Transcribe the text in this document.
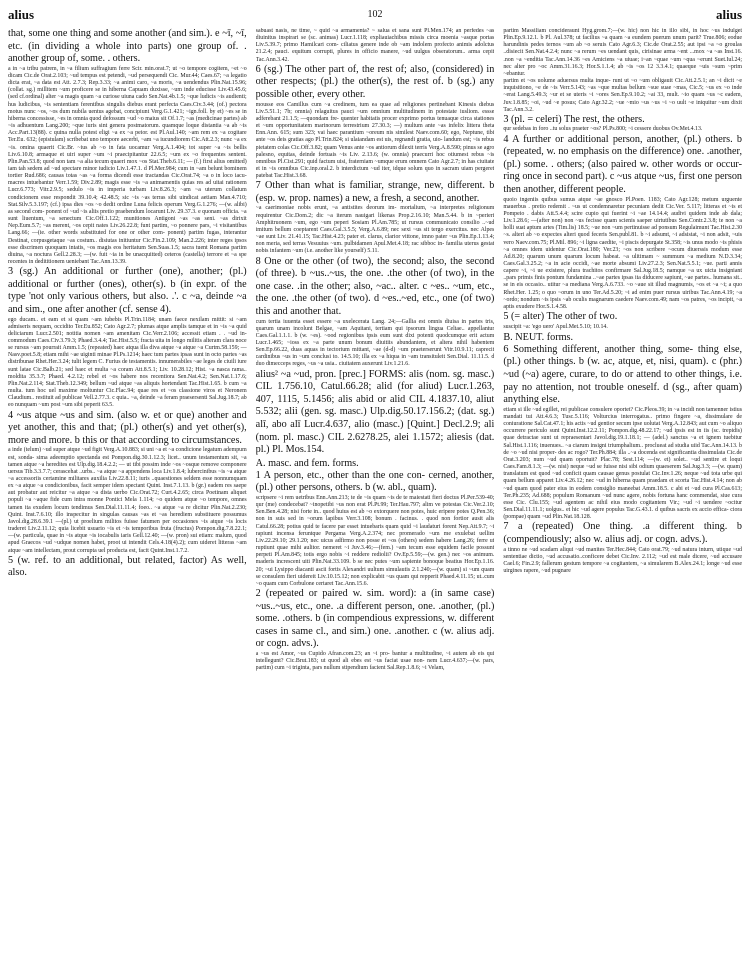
alius	102	alius

that, some one thing and some another (and sim.). e ~ī, ~ī, etc. (in dividing a whole into parts) one group of. . another group of, some. . others.

a in ~a tribu patrem, in ~a filium suffragium ferre Scir. min.orat.7; ut ~o tempore cogitem, ~et ~o dicam Cic.de Orat.2.103; ~ud tempus est petendi, ~ud persequendi Cic. Mur.44; Caes.67; ~a legatio dicta erat, ~a data est Att. 2.7.3; Rep.3.33; ~a animi caro, ~a moris, ~a uendendus Plin.Nat.15.96; (collat. sg.) millitem ~um proficere se in hiberna Capuam duxisse, ~um inde educisse Liv.43.45.6; (sed cf.ordinal) alter ~a magis quam ~a curiose uiuna cado Sen.Nat.4b.1.5; ~que ludicis ~is audienti; hus ludicibus, ~is sententiam ferentibus singulis diebus erant perfecta Caes.Civ.3.44; (of.) pectora motus nunc ~os, ~os dum nubila uentus agebat, concipiunt Verg.G.1.421; ~ign.foll. by et) ~es se in hiberna concessisse, ~es in omnia quod defossum ~ud ~o maius sit Of.1.7; ~as (medicinae partes) ab ~is adhuentum Lang.200; ~que iuris sint genera postmatorum. quamque loque distantia ~a ab ~is Acc.Part.13(88). c quina nulla potest eligi ~a ex ~a peior. est Pl.Aul.140; ~am rem ex ~a cogitare Ter.Eu. 632; (epistulam) scribebat uno tempore aecerbi, ~am ~a iucundiorem Cic.Att.2.3; nunc ~a ex ~is. omina quaerit Cic.Br. ~ius ab ~o in fata uocamur Verg.A.1.404; tot super ~a ~is bellis Liv.6.10.8; armaque et uiri super ~um ~i praecipitantur 22.6.5; ~um ex ~o frequentes sentent. Plin.Pan.53.8; quod non tam ~a alia tecum quaeri mox ~os Stat.Theb.6.11; — (f.) first alius omitted) iam tah sedem ad ~ud spectare minor iudicio Liv.1.47.1. d Pl.Mer.984; cum in ~am belunt bominem tortier Rud.686; causas totas ~as ~a forma dicendi esse tractandas Cic.Orat.74; ~a o in loco iacu- macres intuebantur Verr.1.59; Div.2.89; magis esse ~is ~a animamentis quias res ad uitai rationem Lucr.6.773; Vitr.2.9.5; sedulo ~is in imperia turbam Liv.8.26.3; ~am ~a uterum collatum condicionem esse respondit 39.10.4; 42.48.5; sic ~is ~as terras sibi uindicat aetiam Man.4.710; Stat.Silv.5.3.197; (cf.) ipsa dies ~os ~o dedit ordine Luna felicis operum Verg.G.1.276; —(w. alibi) as second com- ponent of ~ud ~is aliis pretio praebendum locarunt Liv. 29.37.3. e quonam officia. ~a sunt liuentum, ~a senectum Cic.Off.1.122; munitiones Antigoni ~as ~as seni. ~as dirixit Nep.Eum.5.7; ~as merent, ~os cepit nates Liv.26.22.8; funt partim, ~o ponnere pars, ~i visitantibus Lang.66; —(ie. other words substituted for one or other com- ponent) partim fugas, interantur Destinat, corpusgetaque ~as costum.. disiutas initiuntur Cic.Fin.2.109; Man.2.226; inter reges ipsos esse discrimen quoquam intatis, ~os magis eos heritatum Sen.Suas.1.5; sacra tuent Romana partim diuina, ~a noctura Gell.2.28.3; —(w. fuit ~ia in be unacquitted) ceteros (castella) terrore et ~a spe recentes in dedititionem ueniebant Tac.Ann.13.39.

3 (sg.) An additional or further (one), another; (pl.) additional or further (ones), other(s). b (in expr. of the type 'not only various others, but also. .'. c ~a, deinde ~a and sim., one after another (cf. sense 4).

ego ducam.. et eam et si quam ~am iubebis Pl.Trin.1184; unam faece nexilam mittit: si ~am admiseris nequam, occidito Ter.Eu.852; Cato Agr.2.7; plumas atque amplis tamque et in ~is ~a quid deliciarum Lucr.2.501; notitia nomen ~am amenitam Cic.Verr.2.106; accessit etiam . . ~ud in- commodum Caes.Civ.3.79.3; Phaed.3.4.4; Tac.Hist.5.5; fracta uita in longo militis alteram clara noce se rursus ~am pourrait Amm.1.5; (repeated) haec atqua illa diva atque ~a atque ~a Curtm.58.159; —Nasv.poet.5.8; etiam mihi ~ae uiginti minae Pl.Ps.1214; haec tum partes ipsas sunt in octo partes ~as distribunae Rhet.Her.3.24; tulit legem C. Furius de testamentis. innumerabiles ~ae leges de ciuili iure sunt latae Cic.Balb.21; sed haec et multa ~a coram Att.8.5.1; Liv. 10.28.12; Hist. ~a nasca rama.. moldita 35.3.7; Phaed. 4.2.12; rebel et ~os habere nos recentiora Sen.Nat.4.2; Sen.Nat.1.17.6; Plin.Nat.2.114; Stat.Theb.12.349; bellum ~ud atque ~as aliquis hortendant Tac.Hist.1.65. b cum ~a multa. tum hoc uel maxime moltuntur Cic.Flac.94; quae res et ~os classione viros et Neronem Claudium.. restituit ad publicae Vell.2.77.3. c quia.. ~a, deinde ~a feram praesersenti Sal.Jug.18.7; ab eo nunquam ~um post ~um sibi peperit 63.5.

4 ~us atque ~us and sim. (also w. et or que) another and yet another, this and that; (pl.) other(s) and yet other(s), more and more. b this or that according to circumstances.

a inde (telum) ~ud super atque ~ud figit Verg.A.10.883; si uni ~a et ~a condicione legatum adempum est, sonda- sima adeemptio spectanda est Pompon.dig.30.1.12.3; licet.. unum testamentum sit, ~a tamen atque ~a heredites est Ulp.dig.18.4.2.2; — ut tibi possim inde ~os ~osque remove componere uersus Tib.3.3.7.7; cerascehat ..urbs.. ~a atque ~a appendens loca Liv.1.8.4; lubercinibus ~is ~a atque ~a accessoriis certamine militares auxilia Liv.22.8.11; iuris ..quaestiones seldem esse nonnumquam ex ~a atque ~a condicionibus, facit semper idem spectant Quint. Inst.7.1.13. b (gr.) eadem res saepe aut probatur aut reicitur ~a atque ~a dista uerbo Cic.Orat.72; Curt.4.2.65; circa Poetinam aliquet populi ~a ~aque fide cum intra monne Pontici Mela 1.114; ~o quidem atque ~o tempore, omnes tamen ita exudem locum tendimus Sen.Dial.11.11.4; foeo.. ~a atque ~a re dicitur Plin.Nat.2.230; Quint. Inst.7.6.10; illo inspecitur in singulas causas ~as et ~as herediem substituere possumus Javol.dig.28.6.39.1 —(pl.) ut proelium militos fuisse fatumen per occasiones ~is atque ~is locis traderet Liv.2.11.12; quia licebit usuario ~is et ~is temporibus fruta (fructus) Pompon.dig.7.8.22.1; —(w. particula, quae in ~is atque ~is iocabulis iaris Gell.12.40; —(w. pron) sui etiam: malum, quod apud Graecos ~ud ~udque nomen habet, proot ui intendit Cels.4.18(4).2); cum uideret litteras ~am atque ~am intellectam, prout corrupta uel producta est, facit Quint.Inst.1.7.2.

5 (w. ref. to an additional, but related, factor) As well, also.

sabuast nasis, ne time, ~ quid ~a armamenta? ~ salua et sana sunt Pl.Men.174; an perfedes ~as diuinitus inspirari se (sc. animas) Lucr.1.118; expliauiachibus missis circa moenia ~asque portas Liv.5.39.7; primo Hamilcari com- ciliatus genere inde ob ~am indolem profecto animis adolctus 21.2.4; pauci. equitum corrupti, plures in officio manere, ~ud uulgus obseratorum.. arma cepit Tac.Ann.3.42.

6 (sg.) The other part of, the rest of; also, (considered) in other respects; (pl.) the other(s), the rest of. b (sg.) any possible other, every other.

mousse eos Camillus cum ~a credinem, tum ea quae ad religiones pertinebant Kinesis diebus Liv.5.51.1; 7b; omnia) relaguitus pauci ~um omnium multitudinem in potestate iusliom. essse adferebant 21.1.5; —quondam fre- quenter habitatis procer exprimo portus tenuaque circa stationes et ~um opportunitatem marinorum terrestrium 27.30.3; —) multum ante ~as infelix littera theta Enn.Ann. 615; sum 323; vai haec parantium ~oreum nis similest Naev.com.60; ego, Neptune, tibi ante ~os deis gratias ago Pl.Trin.824; si ulaiandam est uis, regnandi gratia, uio- landum est; ~is rebus pietatem colas Cic.Off.3.82; quam Venus ante ~os antiorum dilexit terris Verg.A.8.590; pinus se agro palesno, equitas, deinde fortuais ~is Liv. 2.13.6; (w. omnia) praecurri hoc otiumest rebus ~is omnibus Pl.Cist.291; quid factum uisi, fraterniam ~umque erum omnem Cato Agr.2.7; in has ciuitate et in ~is omnibus Cic.inp.oral.2. b interdictum ~ud iter, idque solum quo in sacram uiam pergeret patebat Tac.Hist.3.68.

7 Other than what is familiar, strange, new, different. b (esp. w. prop. names) a new, a fresh, a second, another.

~a caerimoniae nobis erunt, ~a antistites deorum im- mortalium, ~a interpretes religionum requirentur Cic.Dom.2; dic ~a iterum nauigari likenas Prop.2.16.10; Man.5.44. b in ~perieri Amphitruonem ~um, ego ~um peperi Sosiam Pl.Am.785; ut rursus communicato consilio ..~ud imitum bellum coeptarent Caes.Gal.3.5.5; Verg.A.6.89; nec sexi ~us sit tergo exercitus. nec Alpes ~ae sunt Liv. 21.41.15; Tac.Hist.4.23; pater et. clarus, clarior vittone, imno pater ~us Plin.Ep.1.13.4; non meria, sed terras Vesuuius ~um. pulbidamen Apul.Met.4.18; rac sibboc in- familia uterus gestat nobis infantem ~um (i.e. another like yourself) 5.11.

8 One or the other (of two), the second; also, the second (of three). b ~us..~us, the one. .the other (of two), in the one case. .in the other; also, ~ac.. alter. c ~es.. ~um, etc., the one. .the other (of two). d ~es..~ed, etc., one (of two) this and another that.

cum tertia iuuenta esset essere ~a uxelecerata Lang. 24;—Gallia est omnis diuisa in partes tris, quarum unam incolunt Belgae, ~am Aquitani, tertiam qui ipsorum lingua Celtae.. appellantur Caes.Gal.1.1.1. b (w. ~es). ~ood regionibus ipsis eum sunt dixi potenti quodcumque erit actum Lucr.1.465; ~ioss ex ~a parte unum bonum diuitiis abundantem, et altera nihil habentem Sen.Ep.66.22, duas aquas in tectorium mittant, ~ae (d-d) ~um praeterserunt Vitr.10.9.11; caprecit cardinibus ~us in ~um conclusi to. 14.5.10; illa ex ~a hiqua in ~am transituleit Sen.Dial. 11.11.5. d duo dimecceps reges, ~us ~a usia.. ciuitatem auxerunt Liv.1.21.6.

alius² ~a ~ud, pron. [prec.] FORMS: alis (nom. sg. masc.) CIL 1.756.10, Catul.66.28; alid (for aliud) Lucr.1.263, 407, 1115, 5.1456; alis abid or alid CIL 4.1837.10, aliut 5.532; alii (gen. sg. masc.) Ulp.dig.50.17.156.2; (dat. sg.) alī, abo alī Lucr.4.637, alio (masc.) [Quint.] Decl.2.9; ali (nom. pl. masc.) CIL 2.6278.25, alei 1.1572; aliesis (dat. pl.) Pl. Mos.154.

A. masc. and fem. forms.

1 A person, etc., other than the one con- cerned, another, (pl.) other persons, others. b (w. abl., quam).

scripsere ~i rem uetribus Enn.Ann.213; te de ~is quam ~is de te maiestati fieri doctus Pl.Per.539-40; qur (me) condecebat? ~inopetibi ~us non erat Pl.Pt.99; Ter.Hau.797; alim ve potestas Cic.Ver.2.10; Sen.Ben.4.28; nisi forte in.. quod huius est ab ~o extorquere non potes, huic eripere potes Q.Pen.36; non in suis sed in ~orum lapibus Verr.3.108; bonum . facinus. . quod non fortior ausit alis Catul.66.28; potius quid te facere par esset intuebaris quam quid ~i laudaturi forent Nep.Att.9.7; ~i rapiunt incensa feruntque Pergama Verg.A.2.374; nec promerado ~um me exulebat uellim Liv.22.29.10; 29.1.20; nec uicus adfirmo non posse et ~os (others) sedem habere Lang.26; ferre ut ruptiunt quae mihi aulitor. nemeret ~i Juv.3.46;—(fem.) ~am tecum esse equidem facile possunt perpeti Pl.Am.845; totis ergo nobis ~i reddere rediolii? Ov.Ep.5.59;—(w. gen.) nec ~os animum. maderis increscent uiti Plin.Nat.33.109. b se nec putes ~um sapiente bonoque beatius Hor.Ep.1.16. 20; ~ui Lysippo diacanti ascii fortis Alexandri uultum simulautis 2.1.240;—(w. quam) si ~um quam se consulem fieri uidereit Liv.10.15.12; non explicabit ~us quam qui repperit Phaed.4.11.15; ut..cum ~o quam cum Corbulone certaret Tac.Ann.15.6.

2 (repeated or paired w. sim. word): a (in same case) ~us..~us, etc., one. .a different person, one. .another, (pl.) some. .others. b (in compendious expressions, w. different cases in same cl., and sim.) one. .another. c (w. alius adj. or cogn. advs.).

a ~us est Amor, ~us Cupido Afran.com.23; an ~i pro- bantur a multitudine, ~i autem ab eis qui intellegunt? Cic.Brut.183; ut quod ali ebes est ~us faciat usae non- nem Lucr.4.637;—(w. pars, partim) cum ~i triginta, pars nullum stipendium facient Sal.Rep.1.8.6; ~i Velam,

partim Massiliam concideraunt Hyg.grom.7;—(w. hic) non hic in illo sibi, in hoc ~us indulget Plin.Ep.9.12.1. b Pl. Aul.378; ut facilius ~a quam ~a eundem puerum unum parit? True.806; eodue harundinis pedes ternos ~um ab ~o seruis Cato Agr.6.3; Cic.de Orat.2.55; aut ipsi ~a ~o groulas ..disiecit Sen.Nat.4.2.4; nunc ~a rerum ~es uendant quis, cirisinae arma ~ent ...mox ~a ~as Inst.16. .non ~a ~enditia Tac.Ann.14.36 ~es Amiciens ~a uiuae; i~an ~quae ~um ~qua ~erunt Suet.Iul.24; nec alter pro ~oc Amm.31.16.3; Hor.S.1.1.4; ab ~is ~os 12 3.3.4.1; quaeque ~uis ~sum ~prim ~ebantur.

partim et ~os uolume aduersus multa inque- runt ut ~o ~um obligauit Cic.Att.2.5.1; an ~i dicit ~e inquisitiono, ~e de ~is Verr.5.143; ~as ~que multas bellum ~sue suae ~mas, Cic.5; ~us ex ~o inde ~erat Lang.5.49.3; ~ur et se uteris ~i ~ores Sen.Ep.9.10.2; ~ai 33, mult. ~io quam ~us ~c eadem, Juv.1.8.85; ~oi, ~ud ~e posus; Cato Agr.32.2; ~ue ~mio ~us ~us ~i ~o uult ~e iniquitur ~um dixit Tac.Ann.3.2.

3 (pl. = celeri) The rest, the others.

qur sedebas in foro ..tu solus praeter ~os? Pl.Ps.800; ~i cessere duobus Ov.Met.4.13.

4 A further or additional person, another, (pl.) others. b (repeated, w. no emphasis on the difference) one. .another, (pl.) some. . others; (also paired w. other words or occur- ring once in second part). c ~us atque ~us, first one person then another, different people.

quoio ingeniis quibus sumus atque ~ae gnosco Pl.Poen. 1183; Cato Agr.128; metum urguente mauerbus . pretio redemit . ~us ut condemnaretur pecuniam dedit Cic.Ver. 5.117; litteras et ~is et Pompeio . dabis Att.5.4.4; scire cupio qui fuerint ~i ~ae 14.14.4; audivi quidem inde ab dala; Liv.1.28.6; —(after non) non ~us fecisse quam scienis saeper uirtutibus Sen.Contr.2.3.8; te non ~a holli suat aptum artes (Tim.lis) 18.5; ~ue non ~um pertinuisse ad ponsum Regulaimunt Tac.Hist.2.30 ~s. alteri ab ~o expectes alteri quod feceris Sen.publ.81. b ~i adsumt, ~i adsistat, ~i non adsit, ~uis vero Naev.com.75; Pl.Mil. 896; ~i ligna caedite, ~i piscis depurgate St.358; ~is unus modo ~is phisis ~a omnes idem uidentur Cic.Orat.180; Ver.23; ~os non scribere ~ocum diuerssis modum esse Ad.8.20; quarum unum quarum locum habeat. ~a ulitimam ~ summum ~a medium N.D.3.34; Caes.Gal.3.25.2; ~a in acie occidi, ~ae morte absumi Liv.27.2.3; Sen.Nat.5.5.1; ~ue. parti annis capere ~i, ~i ue existere, plura trachitos confirmare Sal.Jug.18.5; namque ~a ux uicta insigniant ..pars primis finis pontum fundamina ..~ae partes ipsas ita diducere sapiunt, ~ae partes.. humana sit.. se in eis occasio.. utitur ~a mediana Verg.A.6.733. ~o ~aue sit illud magnumis, ~os et ~a ~i; a quo Rhet.Her. 1.25; o quo ~orum in uno Ter.Ad.5.20; ~i ad enim puer rursus uiribus Tac.Ann.4.19; ~a ~ordo; nondum ~is ipsis ~ab oculis magnarum caedere Naev.com.49; nam ~os patres, ~os incipit, ~a aptis exudere Hor.S.1.4.58.

5 (= alter) The other of two.

suscipit ~a: 'ego uero' Apul.Met.5.10; 10.14.

B. NEUT. forms.

6 Something different, another thing, some- thing else, (pl.) other things. b (w. ac, atque, et, nisi, quam). c (phr.) ~ud (~a) agere, curare, to do or attend to other things, i.e. pay no attention, not trouble oneself. d (sg., after quam) anything else.

etiam si ille ~ud egillet, rei publicae consulere oportet? Cic.Pleos.39; in ~a incidi non tamenner istius mandati tui Att.4.6.3; Tusc.5.116; Volturcius interrogatus.. primo fingere ~a, dissimulare de coniuratione Sal.Cat.47.1; his actis ~ud gentior secum ipse uolutat Verg.A.12.843; aut cum ~o aliquo occurrere periculo sunt Quint.Inst.12.2.11; Pompon.dig.48.22.17; ~ud ipsis est in iis (sc. trepidis) quae detractae sunt ut repraesentari Javol.dig.19.1.18.1; — (adel.) sanctus ~a et ignem tuebitur Sal.Hist.1.116; inuenues.. ~a ciarum insigni triumphalium.. proclueat ad studia uiid Tac.Ann.14.13. b de ~o ~ud nisi proper- des ac rogo? Ter.Ph.884; illa ..~a docenda est significantia dissimulata Cic.de Orat.3.203; num ~ud quam oportuit? Plac.78; Sest.114; —(w. et) solet.. ~ud sentire et loqui Caes.Fam.8.1.3; —(w. nisi) neque ~ud se fuisse nisi sibi odium quaeserem Sal.Jug.3.3; —(w. quam) translatum est quod ~ud conficit quam causae genus postulat Cic.Inv.1.26; neque ~ud tota urbe qui quam bellum apparet Liv.4.26.12; nec ~ud in hiberna quam praedam et scorta Tac.Hist.4.14; non ab ~ud quam quod pater eius in eodem consiglio maneebat Amm.18.5. c abi et ~ud cura Pl.Cas.613; Ter.Ph.235; Ad.688; populum Romanum ~ud nunc agere, nobis fortuna hanc commendat, siue cura esse Cic. Clu.155; ~ud agentem ac nihil eius modo cogitantem Vir.; ~ud ~i uendere ~ocitur Sen.Dial.11.11.1; uolgus.. et hic ~ud agere populus Tac.G.43.1. d quibus sacris ex accio effica- ciora (pompae) quam ~ud Plin.Nat.18.128.

7 a (repeated) One thing. .a different thing. b (compendiously; also w. alius adj. or cogn. advs.).

a tinno ne ~ud scadarn aliqui ~ud manites Ter.Hec.844; Cato orat.79; ~ud natura inturn, utique ~ud sententiae dictio, ~ud accusatio..conficere debet Cic.Inv. 2.112; ~ud est male dicere, ~ud accusare Cael.6; Fin.2.9; fallerum gestum tempore ~a cogitantem, ~a simularem B.Alex.24.1; longe ~ud esse uirgines rapere, ~ud pugnare
